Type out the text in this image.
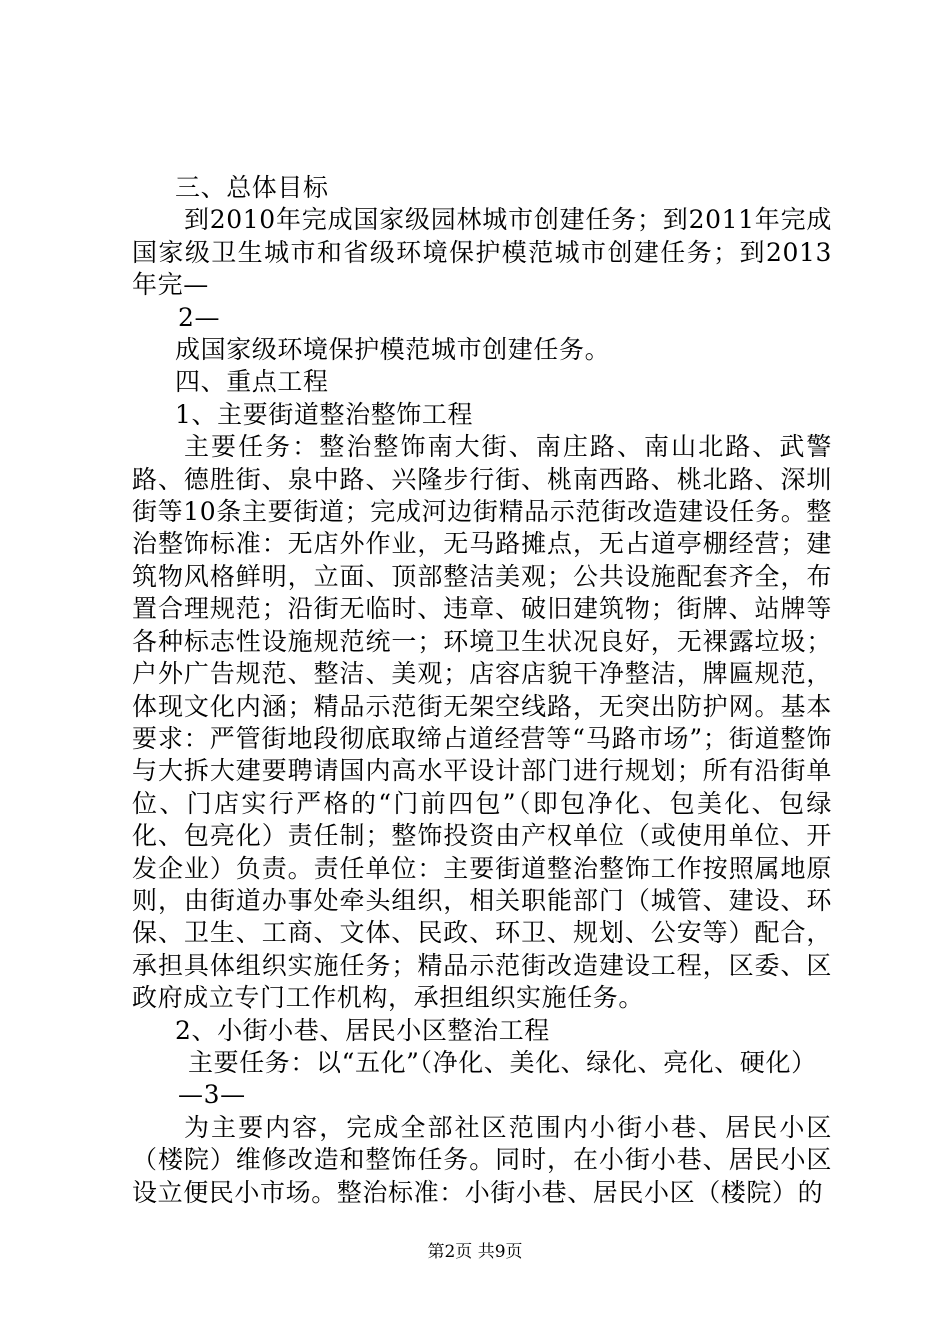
三、总体目标

到2010年完成国家级园林城市创建任务；到2011年完成国家级卫生城市和省级环境保护模范城市创建任务；到2013年完—

2—

成国家级环境保护模范城市创建任务。

四、重点工程

1、主要街道整治整饰工程

主要任务：整治整饰南大街、南庄路、南山北路、武警路、德胜街、泉中路、兴隆步行街、桃南西路、桃北路、深圳街等10条主要街道；完成河边街精品示范街改造建设任务。整治整饰标准：无店外作业，无马路摊点，无占道亭棚经营；建筑物风格鲜明，立面、顶部整洁美观；公共设施配套齐全，布置合理规范；沿街无临时、违章、破旧建筑物；街牌、站牌等各种标志性设施规范统一；环境卫生状况良好，无裸露垃圾；户外广告规范、整洁、美观；店容店貌干净整洁，牌匾规范，体现文化内涵；精品示范街无架空线路，无突出防护网。基本要求：严管街地段彻底取缔占道经营等“马路市场”；街道整饰与大拆大建要聘请国内高水平设计部门进行规划；所有沿街单位、门店实行严格的“门前四包”（即包净化、包美化、包绿化、包亮化）责任制；整饰投资由产权单位（或使用单位、开发企业）负责。责任单位：主要街道整治整饰工作按照属地原则，由街道办事处牵头组织，相关职能部门（城管、建设、环保、卫生、工商、文体、民政、环卫、规划、公安等）配合，承担具体组织实施任务；精品示范街改造建设工程，区委、区政府成立专门工作机构，承担组织实施任务。

2、小街小巷、居民小区整治工程

主要任务：以“五化”（净化、美化、绿化、亮化、硬化）

—3—

为主要内容，完成全部社区范围内小街小巷、居民小区（楼院）维修改造和整饰任务。同时，在小街小巷、居民小区设立便民小市场。整治标准：小街小巷、居民小区（楼院）的

第2页 共9页
